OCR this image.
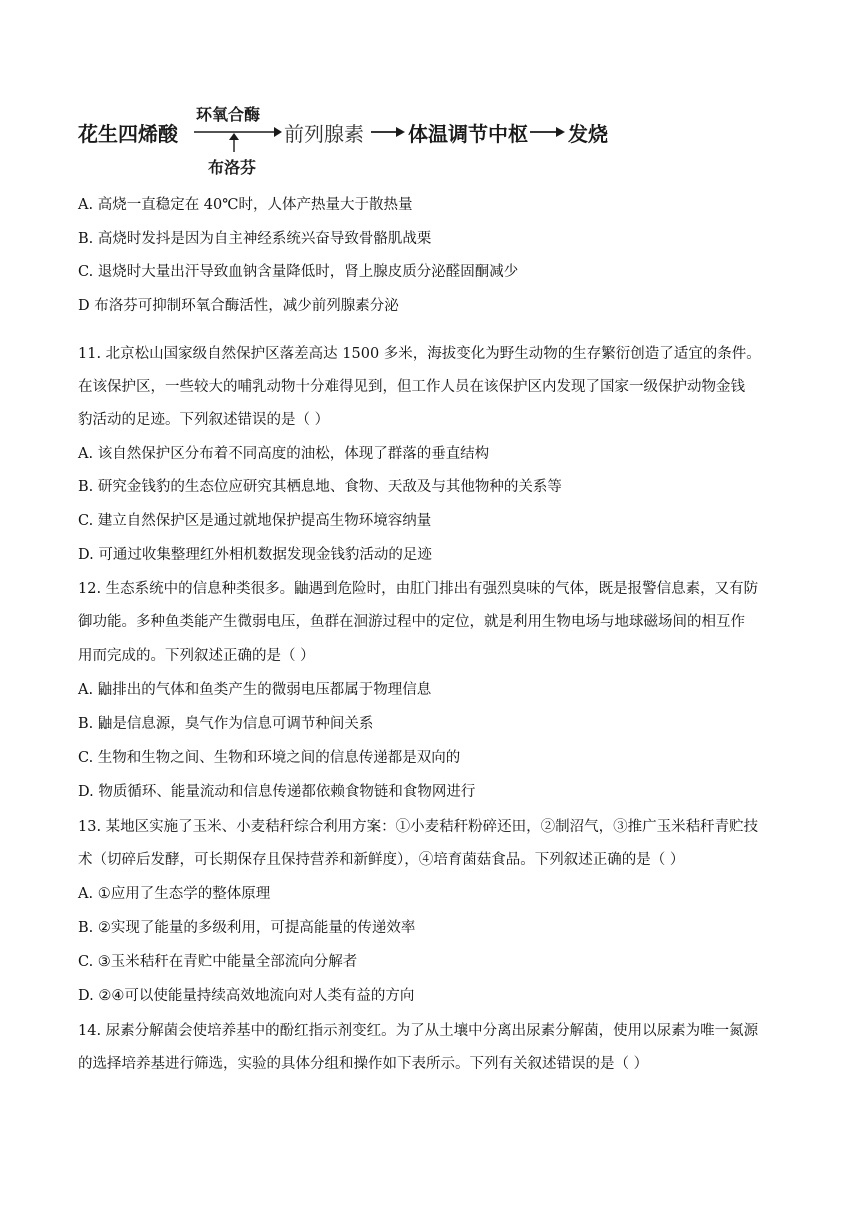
花生四烯酸
环氧合酶
布洛芬
前列腺素 体温调节中枢 发烧
A. 高烧一直稳定在 40℃时，人体产热量大于散热量
B. 高烧时发抖是因为自主神经系统兴奋导致骨骼肌战栗
C. 退烧时大量出汗导致血钠含量降低时，肾上腺皮质分泌醛固酮减少
D 布洛芬可抑制环氧合酶活性，减少前列腺素分泌
11. 北京松山国家级自然保护区落差高达 1500 多米，海拔变化为野生动物的生存繁衍创造了适宜的条件。
在该保护区，一些较大的哺乳动物十分难得见到，但工作人员在该保护区内发现了国家一级保护动物金钱
豹活动的足迹。下列叙述错误的是（ ）
A. 该自然保护区分布着不同高度的油松，体现了群落的垂直结构
B. 研究金钱豹的生态位应研究其栖息地、食物、天敌及与其他物种的关系等
C. 建立自然保护区是通过就地保护提高生物环境容纳量
D. 可通过收集整理红外相机数据发现金钱豹活动的足迹
12. 生态系统中的信息种类很多。鼬遇到危险时，由肛门排出有强烈臭味的气体，既是报警信息素，又有防
御功能。多种鱼类能产生微弱电压，鱼群在洄游过程中的定位，就是利用生物电场与地球磁场间的相互作
用而完成的。下列叙述正确的是（ ）
A. 鼬排出的气体和鱼类产生的微弱电压都属于物理信息
B. 鼬是信息源，臭气作为信息可调节种间关系
C. 生物和生物之间、生物和环境之间的信息传递都是双向的
D. 物质循环、能量流动和信息传递都依赖食物链和食物网进行
13. 某地区实施了玉米、小麦秸秆综合利用方案：①小麦秸秆粉碎还田，②制沼气，③推广玉米秸秆青贮技
术（切碎后发酵，可长期保存且保持营养和新鲜度），④培育菌菇食品。下列叙述正确的是（ ）
A. ①应用了生态学的整体原理
B. ②实现了能量的多级利用，可提高能量的传递效率
C. ③玉米秸秆在青贮中能量全部流向分解者
D. ②④可以使能量持续高效地流向对人类有益的方向
14. 尿素分解菌会使培养基中的酚红指示剂变红。为了从土壤中分离出尿素分解菌，使用以尿素为唯一氮源
的选择培养基进行筛选，实验的具体分组和操作如下表所示。下列有关叙述错误的是（ ）
